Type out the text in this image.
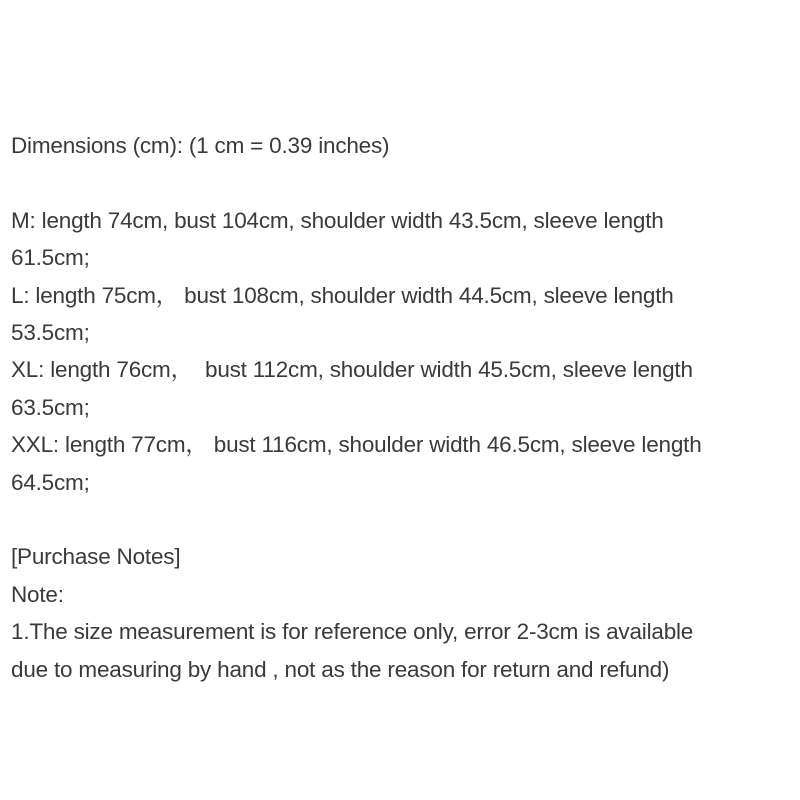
Dimensions (cm): (1 cm = 0.39 inches)

M: length 74cm, bust 104cm, shoulder width 43.5cm, sleeve length

61.5cm;

L: length 75cm， bust 108cm, shoulder width 44.5cm, sleeve length

53.5cm;

XL: length 76cm，  bust 112cm, shoulder width 45.5cm, sleeve length

63.5cm;

XXL: length 77cm， bust 116cm, shoulder width 46.5cm, sleeve length

64.5cm;

[Purchase Notes]

Note:

1.The size measurement is for reference only, error 2-3cm is available

due to measuring by hand , not as the reason for return and refund)
